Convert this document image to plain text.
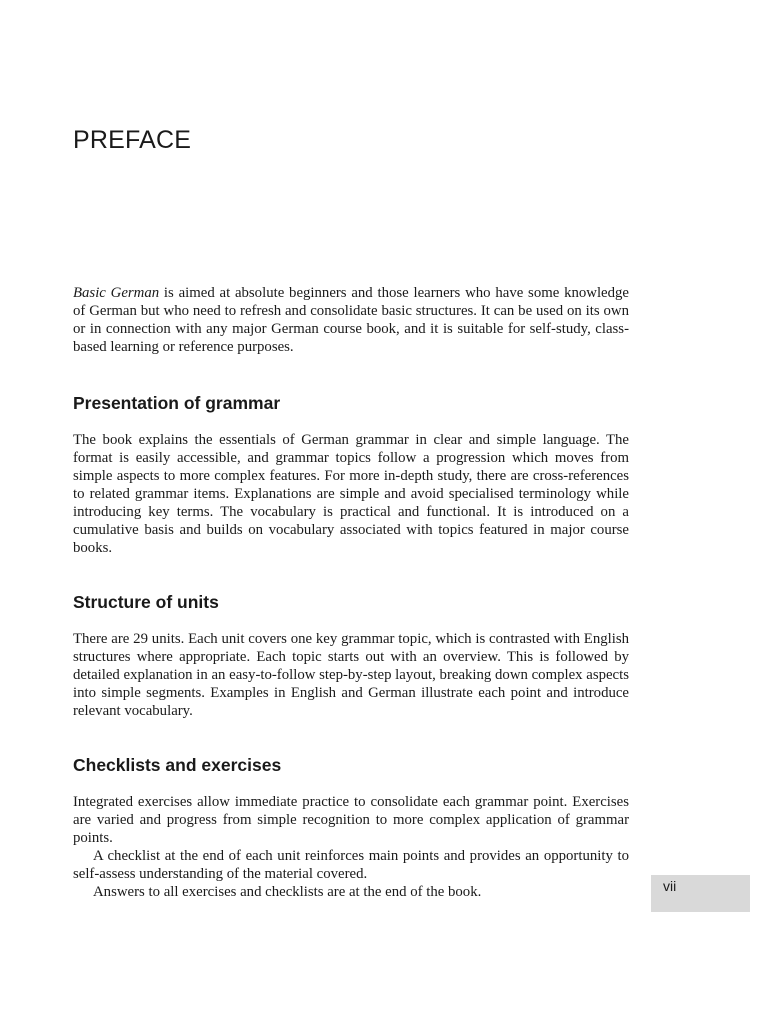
PREFACE

Basic German is aimed at absolute beginners and those learners who have some knowledge of German but who need to refresh and consolidate basic structures. It can be used on its own or in connection with any major German course book, and it is suitable for self-study, class-based learning or reference purposes.

Presentation of grammar

The book explains the essentials of German grammar in clear and simple language. The format is easily accessible, and grammar topics follow a progression which moves from simple aspects to more complex features. For more in-depth study, there are cross-references to related grammar items. Explanations are simple and avoid specialised terminology while introducing key terms. The vocabulary is practical and functional. It is introduced on a cumulative basis and builds on vocabulary associated with topics featured in major course books.

Structure of units

There are 29 units. Each unit covers one key grammar topic, which is contrasted with English structures where appropriate. Each topic starts out with an overview. This is followed by detailed explanation in an easy-to-follow step-by-step layout, breaking down complex aspects into simple segments. Examples in English and German illustrate each point and introduce relevant vocabulary.

Checklists and exercises

Integrated exercises allow immediate practice to consolidate each grammar point. Exercises are varied and progress from simple recognition to more complex application of grammar points.

A checklist at the end of each unit reinforces main points and provides an opportunity to self-assess understanding of the material covered.

Answers to all exercises and checklists are at the end of the book.	vii
